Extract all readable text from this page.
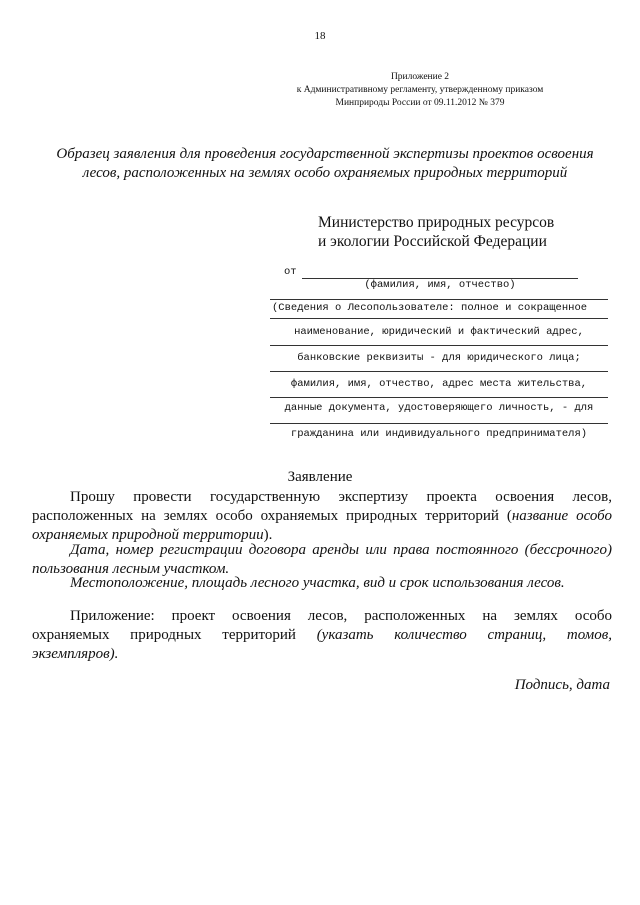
18
Приложение 2
к Административному регламенту, утвержденному приказом
Минприроды России от 09.11.2012 № 379
Образец заявления для проведения государственной экспертизы проектов освоения
лесов, расположенных на землях особо охраняемых природных территорий
Министерство природных ресурсов
и экологии Российской Федерации
от
(фамилия, имя, отчество)
(Сведения о Лесопользователе: полное и сокращенное
наименование, юридический и фактический адрес,
банковские реквизиты - для юридического лица;
фамилия, имя, отчество, адрес места жительства,
данные документа, удостоверяющего личность, - для
гражданина или индивидуального предпринимателя)
Заявление
Прошу провести государственную экспертизу проекта освоения лесов,
расположенных на землях особо охраняемых природных территорий (название особо
охраняемых природной территории).
Дата, номер регистрации договора аренды или права постоянного (бессрочного)
пользования лесным участком.
Местоположение, площадь лесного участка, вид и срок использования лесов.
Приложение: проект освоения лесов, расположенных на землях особо
охраняемых природных территорий (указать количество страниц, томов,
экземпляров).
Подпись, дата
